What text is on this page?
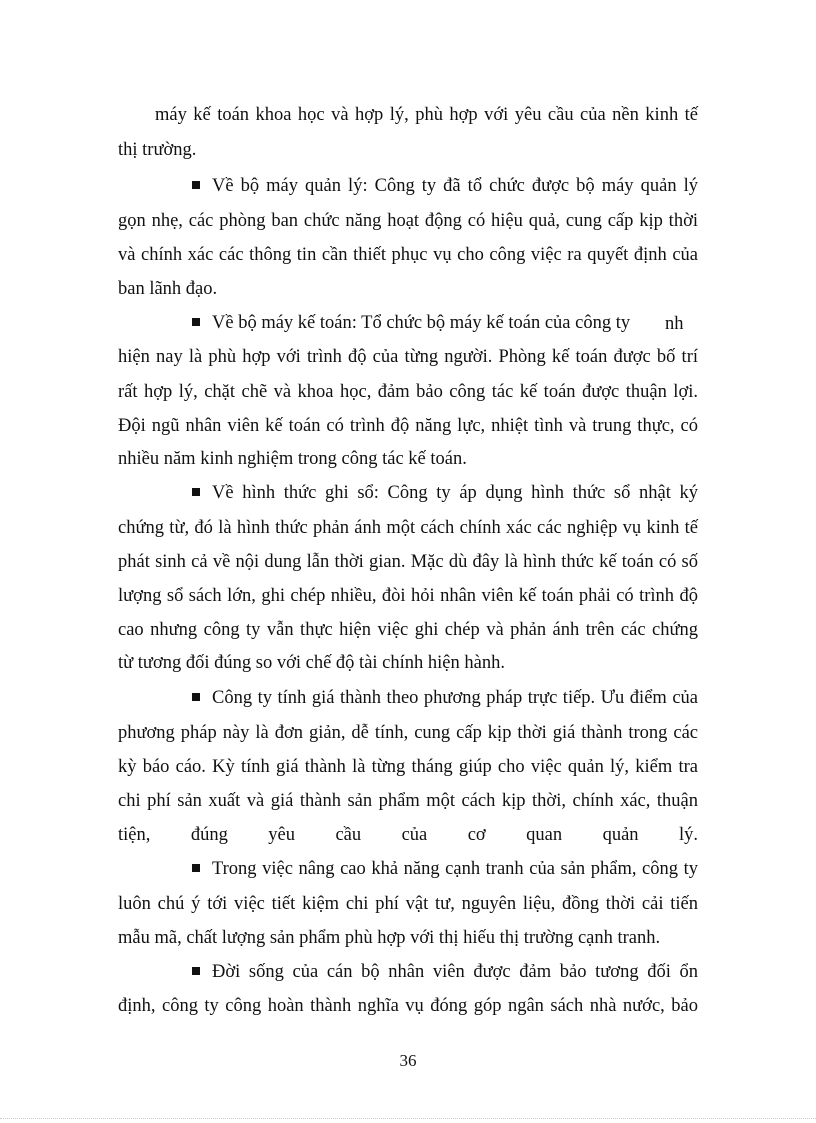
máy kế toán khoa học và hợp lý, phù hợp với yêu cầu của nền kinh tế
thị trường.
Về bộ máy quản lý: Công ty đã tổ chức được bộ máy quản lý
gọn nhẹ, các phòng ban chức năng hoạt động có hiệu quả, cung cấp kịp thời
và chính xác các thông tin cần thiết phục vụ cho công việc ra quyết định của
ban lãnh đạo.
Về bộ máy kế toán: Tổ chức bộ máy kế toán của công ty	nh
hiện nay là phù hợp với trình độ của từng người. Phòng kế toán được bố trí
rất hợp lý, chặt chẽ và khoa học, đảm bảo công tác kế toán được thuận lợi.
Đội ngũ nhân viên kế toán có trình độ năng lực, nhiệt tình và trung thực, có
nhiều năm kinh nghiệm trong công tác kế toán.
Về hình thức ghi sổ: Công ty áp dụng hình thức sổ nhật ký
chứng từ, đó là hình thức phản ánh một cách chính xác các nghiệp vụ kinh tế
phát sinh cả về nội dung lẫn thời gian. Mặc dù đây là hình thức kế toán có số
lượng sổ sách lớn, ghi chép nhiều, đòi hỏi nhân viên kế toán phải có trình độ
cao nhưng công ty vẫn thực hiện việc ghi chép và phản ánh trên các chứng
từ tương đối đúng so với chế độ tài chính hiện hành.
Công ty tính giá thành theo phương pháp trực tiếp. Ưu điểm của
phương pháp này là đơn giản, dễ tính, cung cấp kịp thời giá thành trong các
kỳ báo cáo. Kỳ tính giá thành là từng tháng giúp cho việc quản lý, kiểm tra
chi phí sản xuất và giá thành sản phẩm một cách kịp thời, chính xác, thuận
tiện, đúng yêu cầu của cơ quan quản lý.
Trong việc nâng cao khả năng cạnh tranh của sản phẩm, công ty
luôn chú ý tới việc tiết kiệm chi phí vật tư, nguyên liệu, đồng thời cải tiến
mẫu mã, chất lượng sản phẩm phù hợp với thị hiếu thị trường cạnh tranh.
Đời sống của cán bộ nhân viên được đảm bảo tương đối ổn
định, công ty công hoàn thành nghĩa vụ đóng góp ngân sách nhà nước, bảo
36
